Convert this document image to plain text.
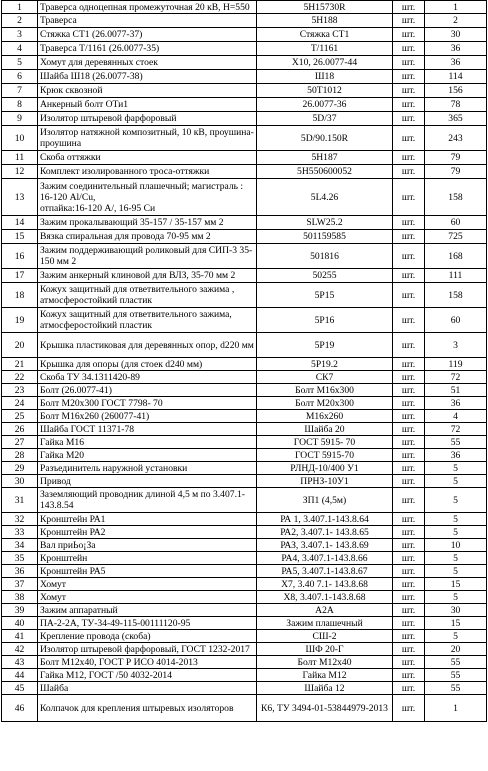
1	Траверса одноцепная промежуточная 20 кВ, Н=550	5Н15730R	шт.	1
2	Траверса	5Н188	шт.	2
3	Стяжка СТ1 (26.0077-37)	Стяжка СТ1	шт.	30
4	Траверса Т/1161 (26.0077-35)	Т/1161	шт.	36
5	Хомут для деревянных стоек	Х10, 26.0077-44	шт.	36
6	Шайба Ш18 (26.0077-38)	Ш18	шт.	114
7	Крюк сквозной	50Т1012	шт.	156
8	Анкерный болт ОТи1	26.0077-36	шт.	78
9	Изолятор штыревой фарфоровый	5D/37	шт.	365
10	Изолятор натяжной композитный, 10 кВ, проушина-проушина	5D/90.150R	шт.	243
11	Скоба оттяжки	5Н187	шт.	79
12	Комплект изолированного троса-оттяжки	5Н550600052	шт.	79
13	Зажим соединительный плашечный; магистраль : 16-120 Al/Cu,
отпайка:16-120 А/, 16-95 Си	5L4.26	шт.	158
14	Зажим прокалывающий 35-157 / 35-157 мм 2	SLW25.2	шт.	60
15	Вязка спиральная для провода 70-95 мм 2	501159585	шт.	725
16	Зажим поддерживающий роликовый для СИП-3 35-150 мм 2	501816	шт.	168
17	Зажим анкерный клиновой для ВЛЗ, 35-70 мм 2	50255	шт.	111
18	Кожух защитный для ответвительного зажима , атмосферостойкий пластик	5Р15	шт.	158
19	Кожух защитный для ответвительного зажима, атмосферостойкий пластик	5Р16	шт.	60
20	Крышка пластиковая для деревянных опор, d220 мм	5Р19	шт.	3
21	Крышка для опоры (для стоек d240 мм)	5Р19.2	шт.	119
22	Скоба ТУ 34.1311420-89	СК7	шт.	72
23	Болт (26.0077-41)	Болт М16х300	шт.	51
24	Болт М20х300 ГОСТ 7798- 70	Болт М20х300	шт.	36
25	Болт М16х260 (260077-41)	М16х260	шт.	4
26	Шайба ГОСТ 11371-78	Шайба 20	шт.	72
27	Гайка М16	ГОСТ 5915- 70	шт.	55
28	Гайка М20	ГОСТ 5915-70	шт.	36
29	Разъединитель наружной установки	РЛНД-10/400 У1	шт.	5
30	Привод	ПРНЗ-10У1	шт.	5
31	Заземляющий проводник длиной 4,5 м по 3.407.1-143.8.54	ЗП1 (4,5м)	шт.	5
32	Кронштейн РА1	РА 1, 3.407.1-143.8.64	шт.	5
33	Кронштейн РА2	РА2, 3.407.1- 143.8.65	шт.	5
34	Вал приЬо¡За	РАЗ, 3.407.1- 143.8.69	шт.	10
35	Кронштейн	РА4, 3.407.1-143.8.66	шт.	5
36	Кронштейн РА5	РА5, 3.407.1-143.8.67	шт.	5
37	Хомут	Х7, 3.40 7.1- 143.8.68	шт.	15
38	Хомут	Х8, 3.407.1-143.8.68	шт.	5
39	Зажим аппаратный	А2А	шт.	30
40	ПА-2-2А, ТУ-34-49-115-00111120-95	Зажим плашечный	шт.	15
41	Крепление провода (скоба)	СШ-2	шт.	5
42	Изолятор штыревой фарфоровый, ГОСТ 1232-2017	ШФ 20-Г	шт.	20
43	Болт М12х40, ГОСТ Р ИСО 4014-2013	Болт М12х40	шт.	55
44	Гайка М12, ГОСТ /50 4032-2014	Гайка М12	шт.	55
45	Шайба	Шайба 12	шт.	55
46	Колпачок для крепления штыревых изоляторов	К6, ТУ 3494-01-53844979-2013	шт.	1
